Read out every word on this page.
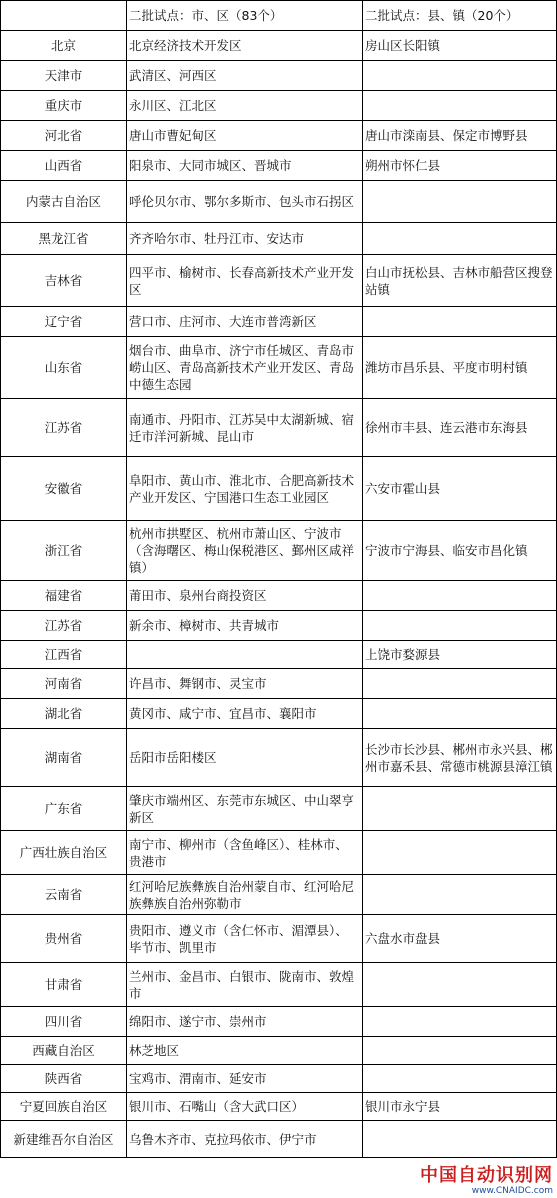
	二批试点：市、区（83个）	二批试点：县、镇（20个）
北京	北京经济技术开发区	房山区长阳镇
天津市	武清区、河西区	
重庆市	永川区、江北区	
河北省	唐山市曹妃甸区	唐山市滦南县、保定市博野县
山西省	阳泉市、大同市城区、晋城市	朔州市怀仁县
内蒙古自治区	呼伦贝尔市、鄂尔多斯市、包头市石拐区	
黑龙江省	齐齐哈尔市、牡丹江市、安达市	
吉林省	四平市、榆树市、长春高新技术产业开发区	白山市抚松县、吉林市船营区搜登站镇
辽宁省	营口市、庄河市、大连市普湾新区	
山东省	烟台市、曲阜市、济宁市任城区、青岛市崂山区、青岛高新技术产业开发区、青岛中德生态园	潍坊市昌乐县、平度市明村镇
江苏省	南通市、丹阳市、江苏吴中太湖新城、宿迁市洋河新城、昆山市	徐州市丰县、连云港市东海县
安徽省	阜阳市、黄山市、淮北市、合肥高新技术产业开发区、宁国港口生态工业园区	六安市霍山县
浙江省	杭州市拱墅区、杭州市萧山区、宁波市（含海曙区、梅山保税港区、鄞州区咸祥镇）	宁波市宁海县、临安市昌化镇
福建省	莆田市、泉州台商投资区	
江苏省	新余市、樟树市、共青城市	
江西省		上饶市婺源县
河南省	许昌市、舞钢市、灵宝市	
湖北省	黄冈市、咸宁市、宜昌市、襄阳市	
湖南省	岳阳市岳阳楼区	长沙市长沙县、郴州市永兴县、郴州市嘉禾县、常德市桃源县漳江镇
广东省	肇庆市端州区、东莞市东城区、中山翠亨新区	
广西壮族自治区	南宁市、柳州市（含鱼峰区）、桂林市、贵港市	
云南省	红河哈尼族彝族自治州蒙自市、红河哈尼族彝族自治州弥勒市	
贵州省	贵阳市、遵义市（含仁怀市、湄潭县）、毕节市、凯里市	六盘水市盘县
甘肃省	兰州市、金昌市、白银市、陇南市、敦煌市	
四川省	绵阳市、遂宁市、崇州市	
西藏自治区	林芝地区	
陕西省	宝鸡市、渭南市、延安市	
宁夏回族自治区	银川市、石嘴山（含大武口区）	银川市永宁县
新建维吾尔自治区	乌鲁木齐市、克拉玛依市、伊宁市	
中国自动识别网
www.CNAIDC.com
